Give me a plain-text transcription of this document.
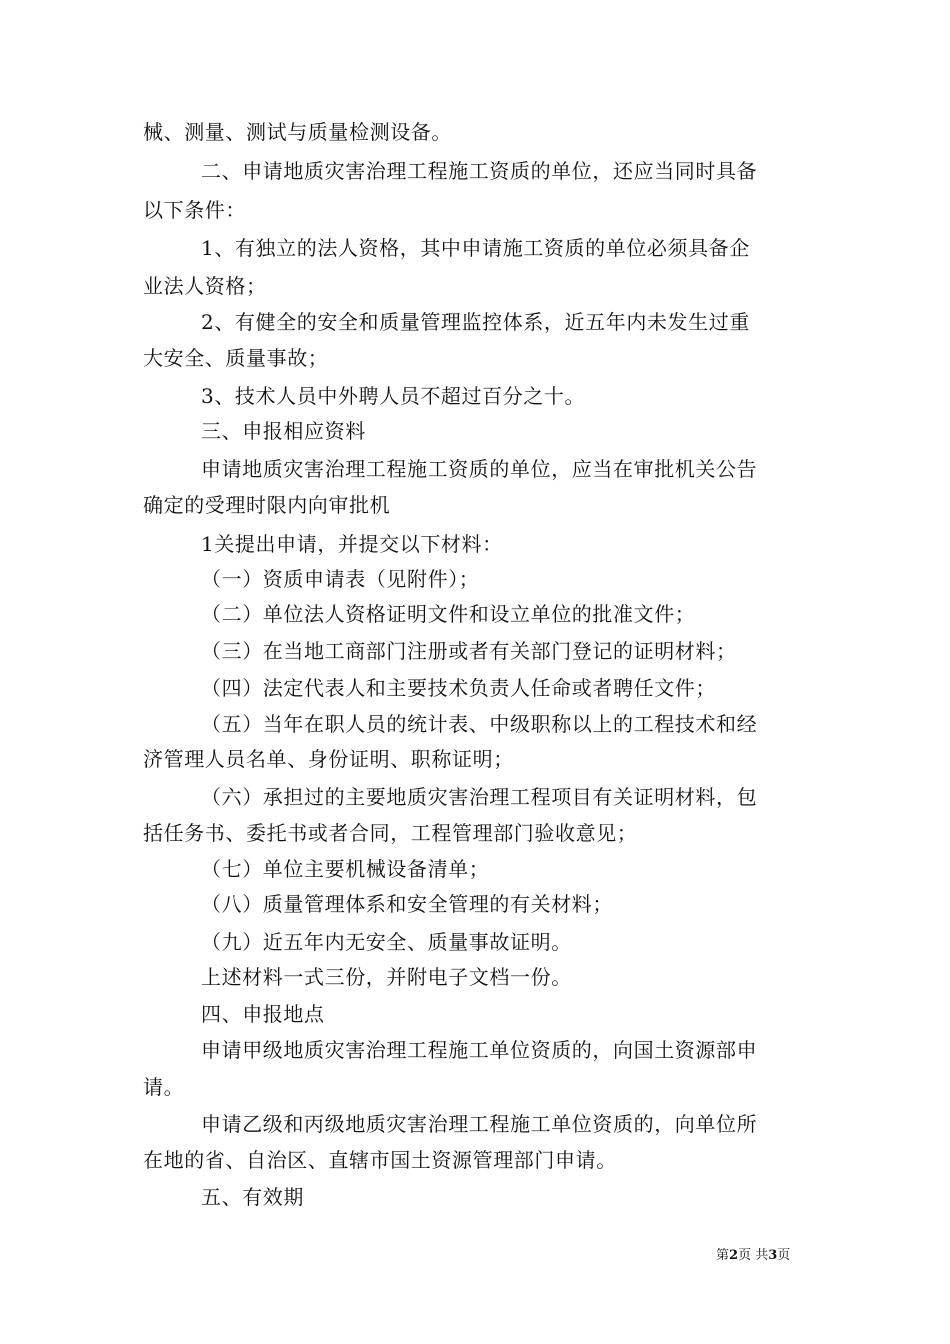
械、测量、测试与质量检测设备。
二、申请地质灾害治理工程施工资质的单位，还应当同时具备
以下条件：
1、有独立的法人资格，其中申请施工资质的单位必须具备企
业法人资格；
2、有健全的安全和质量管理监控体系，近五年内未发生过重
大安全、质量事故；
3、技术人员中外聘人员不超过百分之十。
三、申报相应资料
申请地质灾害治理工程施工资质的单位，应当在审批机关公告
确定的受理时限内向审批机
1关提出申请，并提交以下材料：
（一）资质申请表（见附件）；
（二）单位法人资格证明文件和设立单位的批准文件；
（三）在当地工商部门注册或者有关部门登记的证明材料；
（四）法定代表人和主要技术负责人任命或者聘任文件；
（五）当年在职人员的统计表、中级职称以上的工程技术和经
济管理人员名单、身份证明、职称证明；
（六）承担过的主要地质灾害治理工程项目有关证明材料，包
括任务书、委托书或者合同，工程管理部门验收意见；
（七）单位主要机械设备清单；
（八）质量管理体系和安全管理的有关材料；
（九）近五年内无安全、质量事故证明。
上述材料一式三份，并附电子文档一份。
四、申报地点
申请甲级地质灾害治理工程施工单位资质的，向国土资源部申
请。
申请乙级和丙级地质灾害治理工程施工单位资质的，向单位所
在地的省、自治区、直辖市国土资源管理部门申请。
五、有效期
第2页 共3页
